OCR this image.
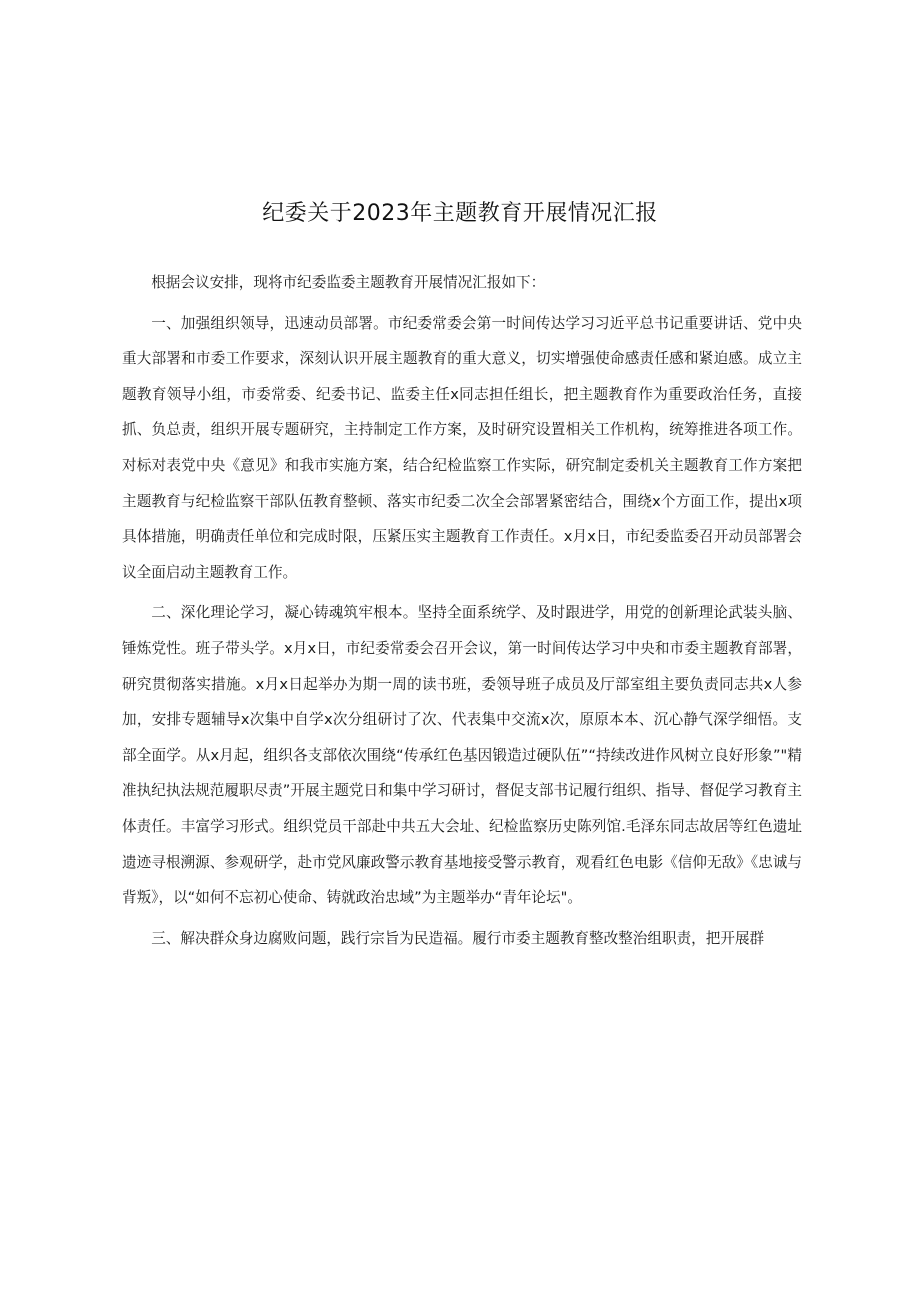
纪委关于2023年主题教育开展情况汇报

根据会议安排，现将市纪委监委主题教育开展情况汇报如下：

一、加强组织领导，迅速动员部署。市纪委常委会第一时间传达学习习近平总书记重要讲话、党中央重大部署和市委工作要求，深刻认识开展主题教育的重大意义，切实增强使命感责任感和紧迫感。成立主题教育领导小组，市委常委、纪委书记、监委主任x同志担任组长，把主题教育作为重要政治任务，直接抓、负总责，组织开展专题研究，主持制定工作方案，及时研究设置相关工作机构，统筹推进各项工作。对标对表党中央《意见》和我市实施方案，结合纪检监察工作实际，研究制定委机关主题教育工作方案把主题教育与纪检监察干部队伍教育整顿、落实市纪委二次全会部署紧密结合，围绕x个方面工作，提出x项具体措施，明确责任单位和完成时限，压紧压实主题教育工作责任。x月x日，市纪委监委召开动员部署会议全面启动主题教育工作。

二、深化理论学习，凝心铸魂筑牢根本。坚持全面系统学、及时跟进学，用党的创新理论武装头脑、锤炼党性。班子带头学。x月x日，市纪委常委会召开会议，第一时间传达学习中央和市委主题教育部署，研究贯彻落实措施。x月x日起举办为期一周的读书班，委领导班子成员及厅部室组主要负责同志共x人参加，安排专题辅导x次集中自学x次分组研讨了次、代表集中交流x次，原原本本、沉心静气深学细悟。支部全面学。从x月起，组织各支部依次围绕“传承红色基因锻造过硬队伍”“持续改进作风树立良好形象”"精准执纪执法规范履职尽责”开展主题党日和集中学习研讨，督促支部书记履行组织、指导、督促学习教育主体责任。丰富学习形式。组织党员干部赴中共五大会址、纪检监察历史陈列馆.毛泽东同志故居等红色遗址遗迹寻根溯源、参观研学，赴市党风廉政警示教育基地接受警示教育，观看红色电影《信仰无敌》《忠诚与背叛》，以“如何不忘初心使命、铸就政治忠域”为主题举办“青年论坛"。

三、解决群众身边腐败问题，践行宗旨为民造福。履行市委主题教育整改整治组职责，把开展群
